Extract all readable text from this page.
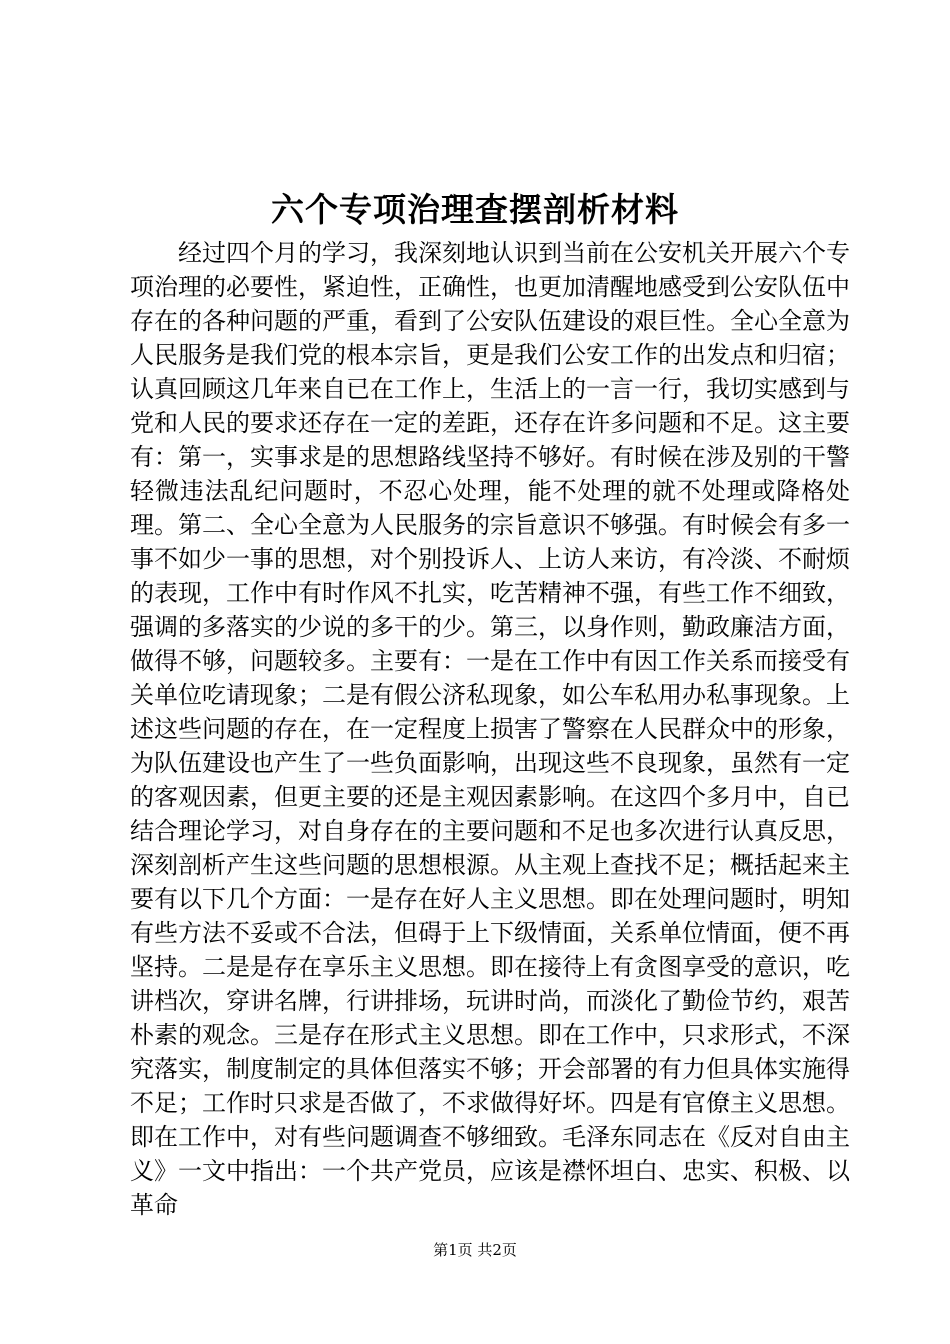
六个专项治理查摆剖析材料

经过四个月的学习，我深刻地认识到当前在公安机关开展六个专项治理的必要性，紧迫性，正确性，也更加清醒地感受到公安队伍中存在的各种问题的严重，看到了公安队伍建设的艰巨性。全心全意为人民服务是我们党的根本宗旨，更是我们公安工作的出发点和归宿；认真回顾这几年来自已在工作上，生活上的一言一行，我切实感到与党和人民的要求还存在一定的差距，还存在许多问题和不足。这主要有：第一，实事求是的思想路线坚持不够好。有时候在涉及别的干警轻微违法乱纪问题时，不忍心处理，能不处理的就不处理或降格处理。第二、全心全意为人民服务的宗旨意识不够强。有时候会有多一事不如少一事的思想，对个别投诉人、上访人来访，有冷淡、不耐烦的表现，工作中有时作风不扎实，吃苦精神不强，有些工作不细致，强调的多落实的少说的多干的少。第三，以身作则，勤政廉洁方面，做得不够，问题较多。主要有：一是在工作中有因工作关系而接受有关单位吃请现象；二是有假公济私现象，如公车私用办私事现象。上述这些问题的存在，在一定程度上损害了警察在人民群众中的形象，为队伍建设也产生了一些负面影响，出现这些不良现象，虽然有一定的客观因素，但更主要的还是主观因素影响。在这四个多月中，自已结合理论学习，对自身存在的主要问题和不足也多次进行认真反思，深刻剖析产生这些问题的思想根源。从主观上查找不足；概括起来主要有以下几个方面：一是存在好人主义思想。即在处理问题时，明知有些方法不妥或不合法，但碍于上下级情面，关系单位情面，便不再坚持。二是是存在享乐主义思想。即在接待上有贪图享受的意识，吃讲档次，穿讲名牌，行讲排场，玩讲时尚，而淡化了勤俭节约，艰苦朴素的观念。三是存在形式主义思想。即在工作中，只求形式，不深究落实，制度制定的具体但落实不够；开会部署的有力但具体实施得不足；工作时只求是否做了，不求做得好坏。四是有官僚主义思想。即在工作中，对有些问题调查不够细致。毛泽东同志在《反对自由主义》一文中指出：一个共产党员，应该是襟怀坦白、忠实、积极、以革命

第1页 共2页
